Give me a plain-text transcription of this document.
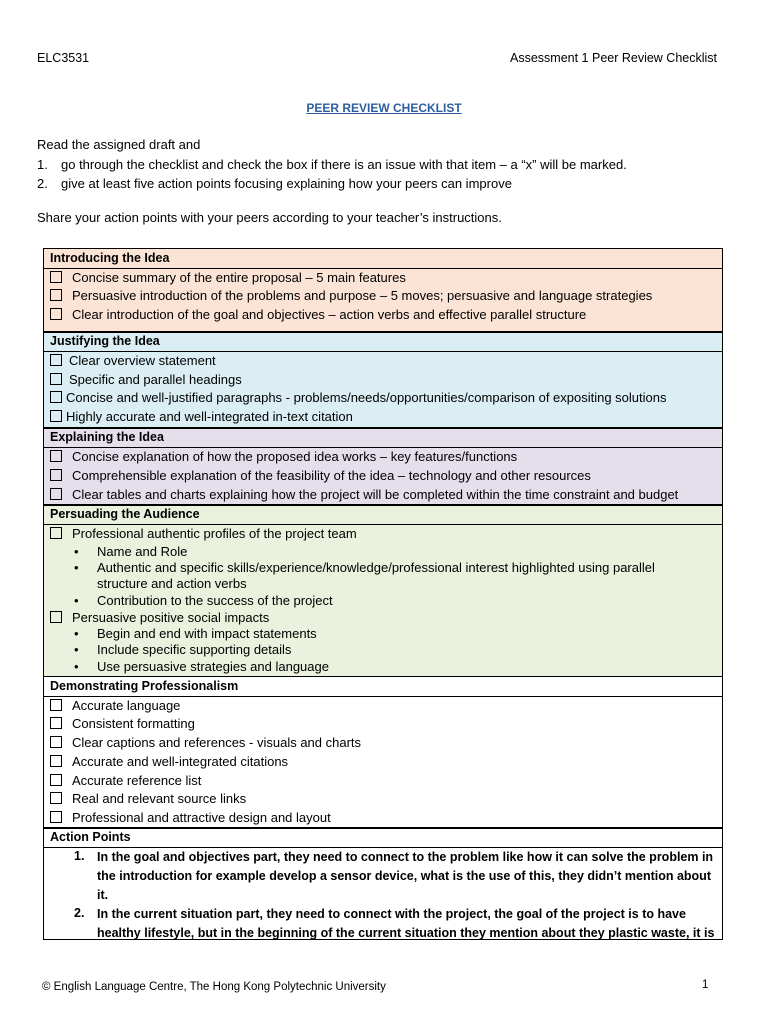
ELC3531	Assessment 1 Peer Review Checklist
PEER REVIEW CHECKLIST
Read the assigned draft and
1. go through the checklist and check the box if there is an issue with that item – a “x” will be marked.
2. give at least five action points focusing explaining how your peers can improve
Share your action points with your peers according to your teacher’s instructions.
Introducing the Idea
Concise summary of the entire proposal – 5 main features
Persuasive introduction of the problems and purpose – 5 moves; persuasive and language strategies
Clear introduction of the goal and objectives – action verbs and effective parallel structure
Justifying the Idea
Clear overview statement
Specific and parallel headings
Concise and well-justified paragraphs - problems/needs/opportunities/comparison of expositing solutions
Highly accurate and well-integrated in-text citation
Explaining the Idea
Concise explanation of how the proposed idea works – key features/functions
Comprehensible explanation of the feasibility of the idea – technology and other resources
Clear tables and charts explaining how the project will be completed within the time constraint and budget
Persuading the Audience
Professional authentic profiles of the project team
• Name and Role
• Authentic and specific skills/experience/knowledge/professional interest highlighted using parallel
structure and action verbs
• Contribution to the success of the project
Persuasive positive social impacts
• Begin and end with impact statements
• Include specific supporting details
• Use persuasive strategies and language
Demonstrating Professionalism
Accurate language
Consistent formatting
Clear captions and references - visuals and charts
Accurate and well-integrated citations
Accurate reference list
Real and relevant source links
Professional and attractive design and layout
Action Points
1. In the goal and objectives part, they need to connect to the problem like how it can solve the problem in
the introduction for example develop a sensor device, what is the use of this, they didn’t mention about
it.
2. In the current situation part, they need to connect with the project, the goal of the project is to have
healthy lifestyle, but in the beginning of the current situation they mention about they plastic waste, it is
© English Language Centre, The Hong Kong Polytechnic University	1
